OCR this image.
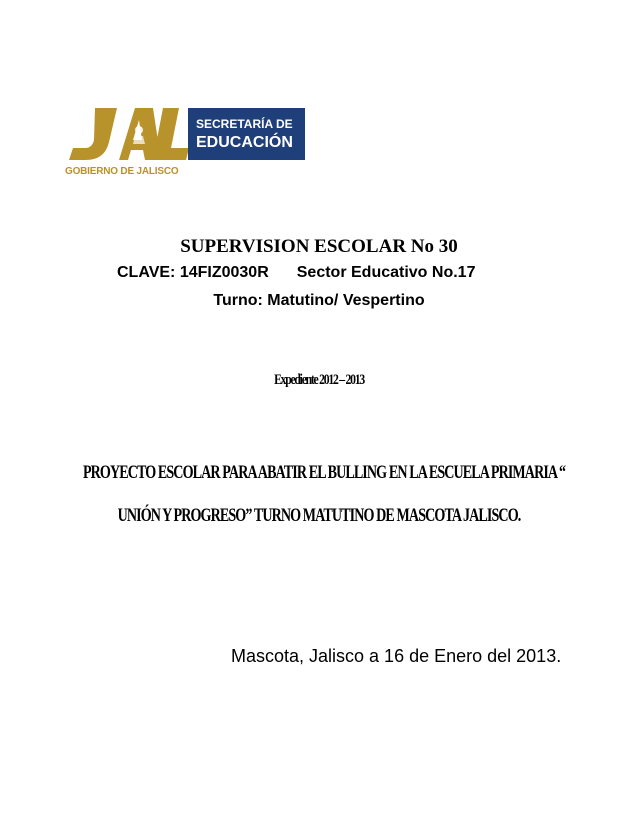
GOBIERNO DE JALISCO
SECRETARÍA DE
EDUCACIÓN
SUPERVISION ESCOLAR No 30
CLAVE: 14FIZ0030R Sector Educativo No.17
Turno: Matutino/ Vespertino
Expediente 2012 – 2013
PROYECTO ESCOLAR PARA ABATIR EL BULLING EN LA ESCUELA PRIMARIA “
UNIÓN Y PROGRESO” TURNO MATUTINO DE MASCOTA JALISCO.
Mascota, Jalisco a 16 de Enero del 2013.
